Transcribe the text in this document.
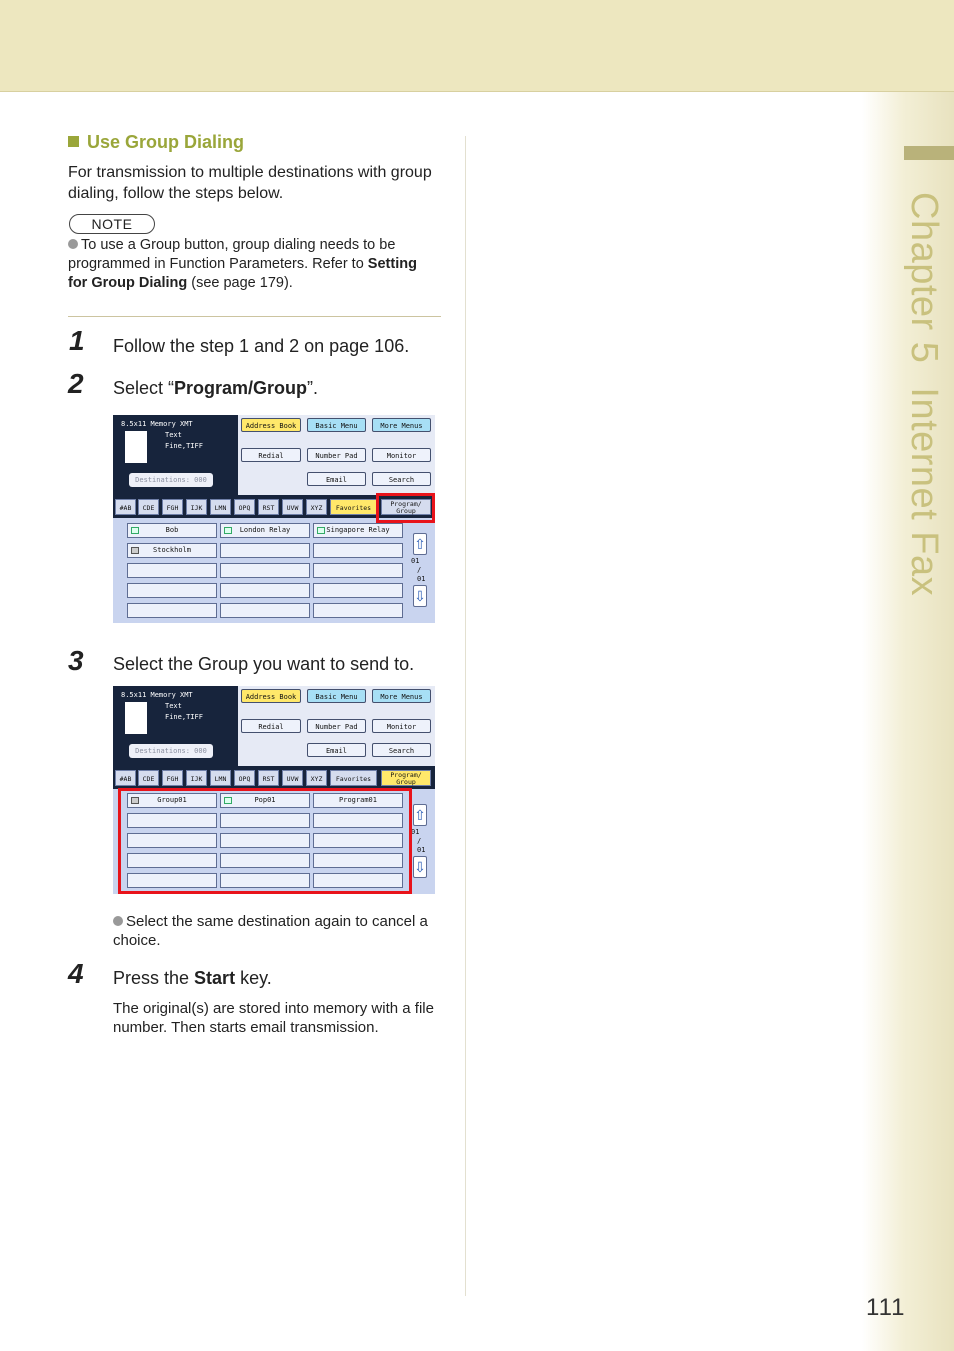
Chapter 5Internet Fax
111
Use Group Dialing
For transmission to multiple destinations with group dialing, follow the steps below.
NOTE
To use a Group button, group dialing needs to be programmed in Function Parameters. Refer to Setting for Group Dialing (see page 179).
1 Follow the step 1 and 2 on page 106.
2 Select “Program/Group”.
8.5x11 Memory XMT
Text
Fine,TIFF
Destinations: 000
Address Book	Basic Menu	More Menus
Redial	Number Pad	Monitor
Email	Search
#AB	CDE	FGH	IJK	LMN	OPQ	RST	UVW	XYZ	Favorites	Program/
Group
Bob	London Relay	Singapore Relay
Stockholm	⇧
01
/
01
⇩
3 Select the Group you want to send to.
8.5x11 Memory XMT
Text
Fine,TIFF
Destinations: 000
Address Book	Basic Menu	More Menus
Redial	Number Pad	Monitor
Email	Search
#AB	CDE	FGH	IJK	LMN	OPQ	RST	UVW	XYZ	Favorites	Program/
Group
Group01	Pop01	Program01
⇧
01
/
01
⇩
Select the same destination again to cancel a choice.
4 Press the Start key.
The original(s) are stored into memory with a file number. Then starts email transmission.
